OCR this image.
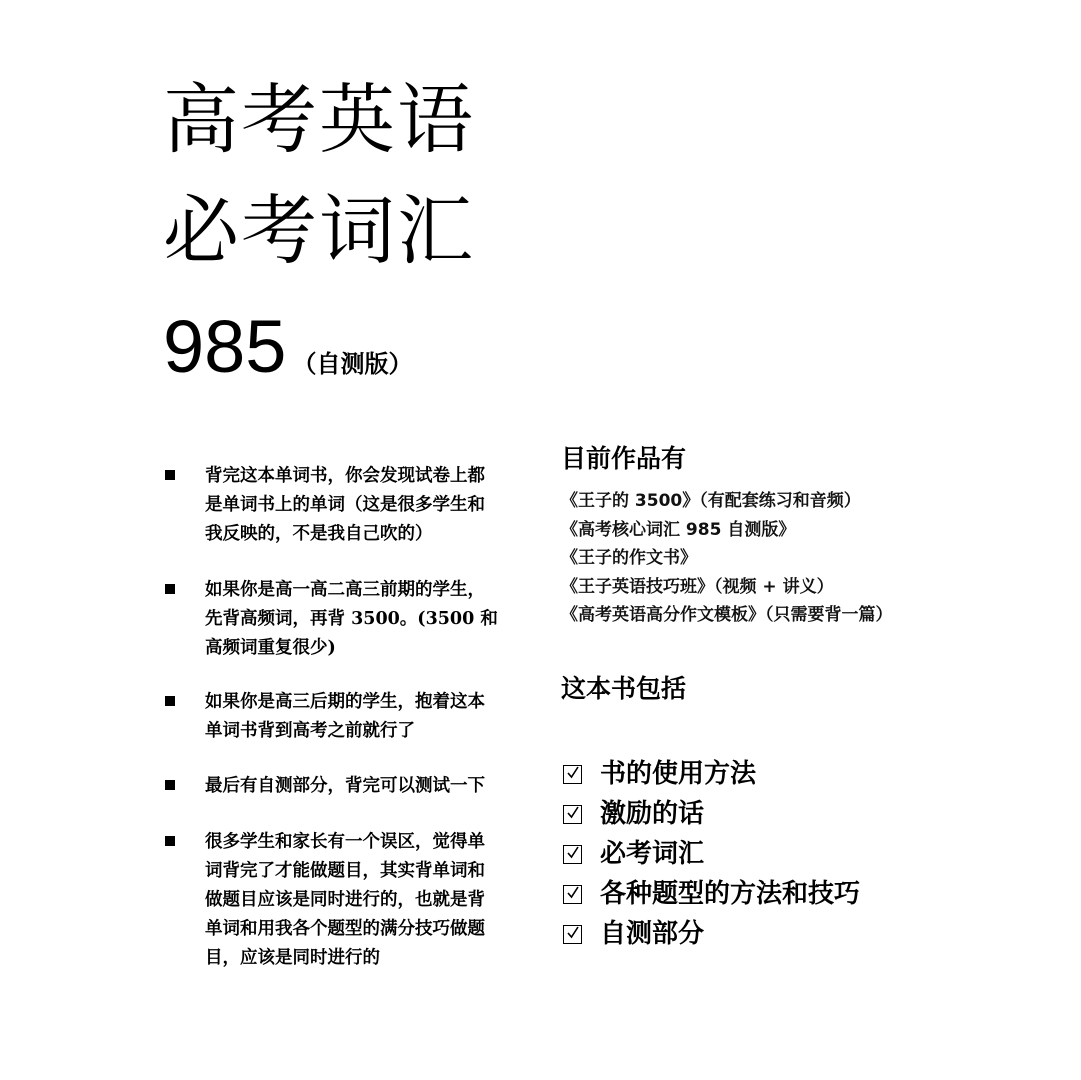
高考英语
必考词汇
985 （自测版）
背完这本单词书，你会发现试卷上都
是单词书上的单词（这是很多学生和
我反映的，不是我自己吹的）
如果你是高一高二高三前期的学生，
先背高频词，再背 3500。(3500 和
高频词重复很少)
如果你是高三后期的学生，抱着这本
单词书背到高考之前就行了
最后有自测部分，背完可以测试一下
很多学生和家长有一个误区，觉得单
词背完了才能做题目，其实背单词和
做题目应该是同时进行的，也就是背
单词和用我各个题型的满分技巧做题
目，应该是同时进行的
目前作品有
《王子的 3500》（有配套练习和音频）
《高考核心词汇 985 自测版》
《王子的作文书》
《王子英语技巧班》（视频 + 讲义）
《高考英语高分作文模板》（只需要背一篇）
这本书包括
书的使用方法
激励的话
必考词汇
各种题型的方法和技巧
自测部分
